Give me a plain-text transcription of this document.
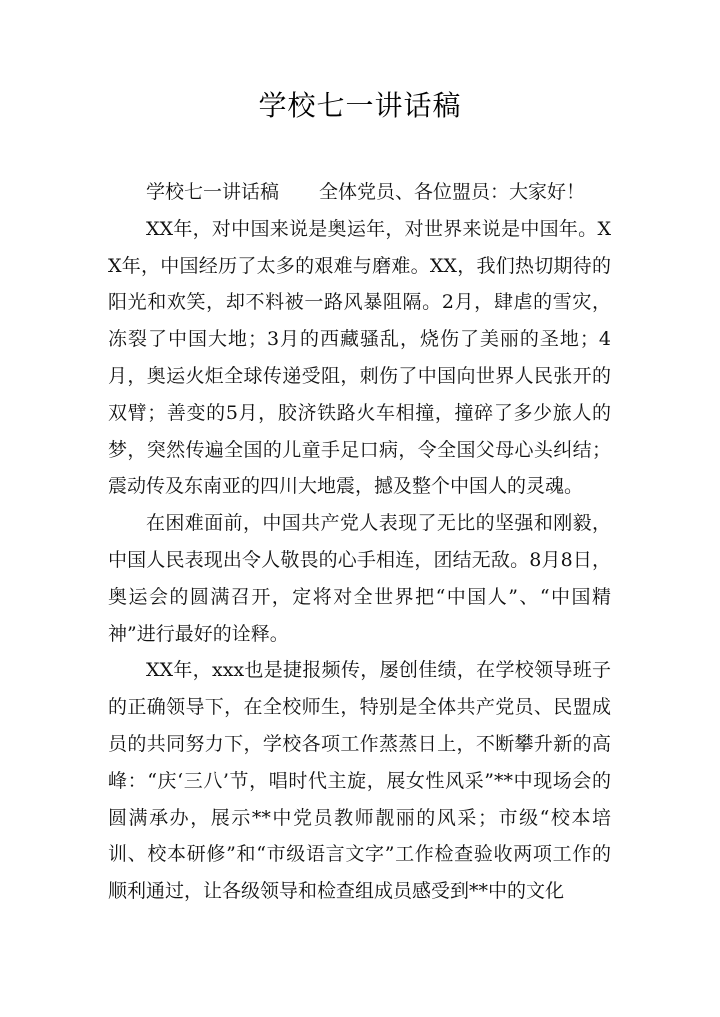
学校七一讲话稿

学校七一讲话稿 全体党员、各位盟员：大家好！

XX年，对中国来说是奥运年，对世界来说是中国年。XX年，中国经历了太多的艰难与磨难。XX，我们热切期待的阳光和欢笑，却不料被一路风暴阻隔。2月，肆虐的雪灾，冻裂了中国大地；3月的西藏骚乱，烧伤了美丽的圣地；4月，奥运火炬全球传递受阻，刺伤了中国向世界人民张开的双臂；善变的5月，胶济铁路火车相撞，撞碎了多少旅人的梦，突然传遍全国的儿童手足口病，令全国父母心头纠结；震动传及东南亚的四川大地震，撼及整个中国人的灵魂。

在困难面前，中国共产党人表现了无比的坚强和刚毅，中国人民表现出令人敬畏的心手相连，团结无敌。8月8日，奥运会的圆满召开，定将对全世界把“中国人”、“中国精神”进行最好的诠释。

XX年，xxx也是捷报频传，屡创佳绩，在学校领导班子的正确领导下，在全校师生，特别是全体共产党员、民盟成员的共同努力下，学校各项工作蒸蒸日上，不断攀升新的高峰：“庆‘三八’节，唱时代主旋，展女性风采”**中现场会的圆满承办，展示**中党员教师靓丽的风采；市级“校本培训、校本研修”和“市级语言文字”工作检查验收两项工作的顺利通过，让各级领导和检查组成员感受到**中的文化
